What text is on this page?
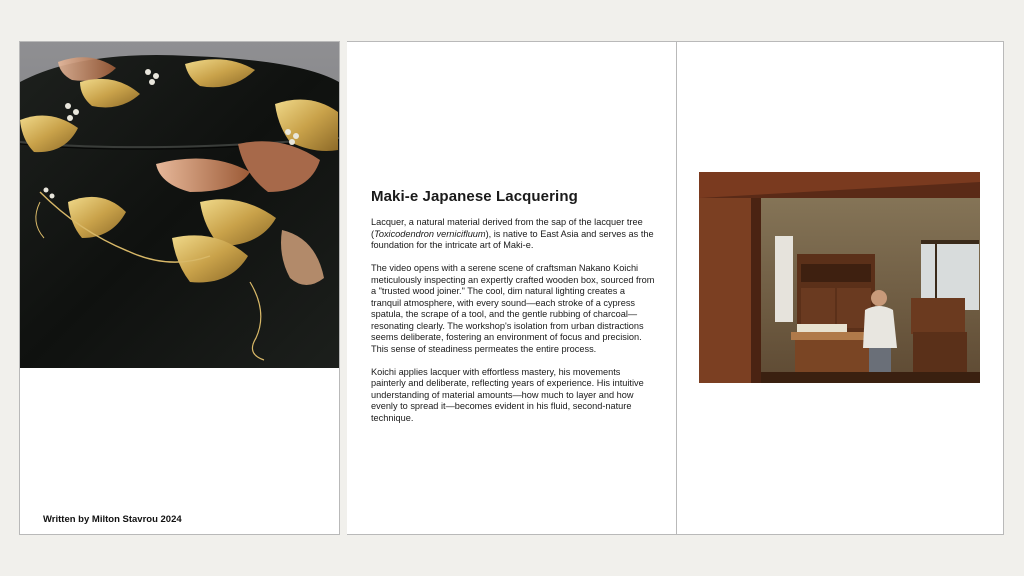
Written by Milton Stavrou 2024

Maki-e Japanese Lacquering

Lacquer, a natural material derived from the sap of the lacquer tree (Toxicodendron vernicifluum), is native to East Asia and serves as the foundation for the intricate art of Maki-e.

The video opens with a serene scene of craftsman Nakano Koichi meticulously inspecting an expertly crafted wooden box, sourced from a "trusted wood joiner." The cool, dim natural lighting creates a tranquil atmosphere, with every sound—each stroke of a cypress spatula, the scrape of a tool, and the gentle rubbing of charcoal—resonating clearly. The workshop's isolation from urban distractions seems deliberate, fostering an environment of focus and precision. This sense of steadiness permeates the entire process.

Koichi applies lacquer with effortless mastery, his movements painterly and deliberate, reflecting years of experience. His intuitive understanding of material amounts—how much to layer and how evenly to spread it—becomes evident in his fluid, second-nature technique.
